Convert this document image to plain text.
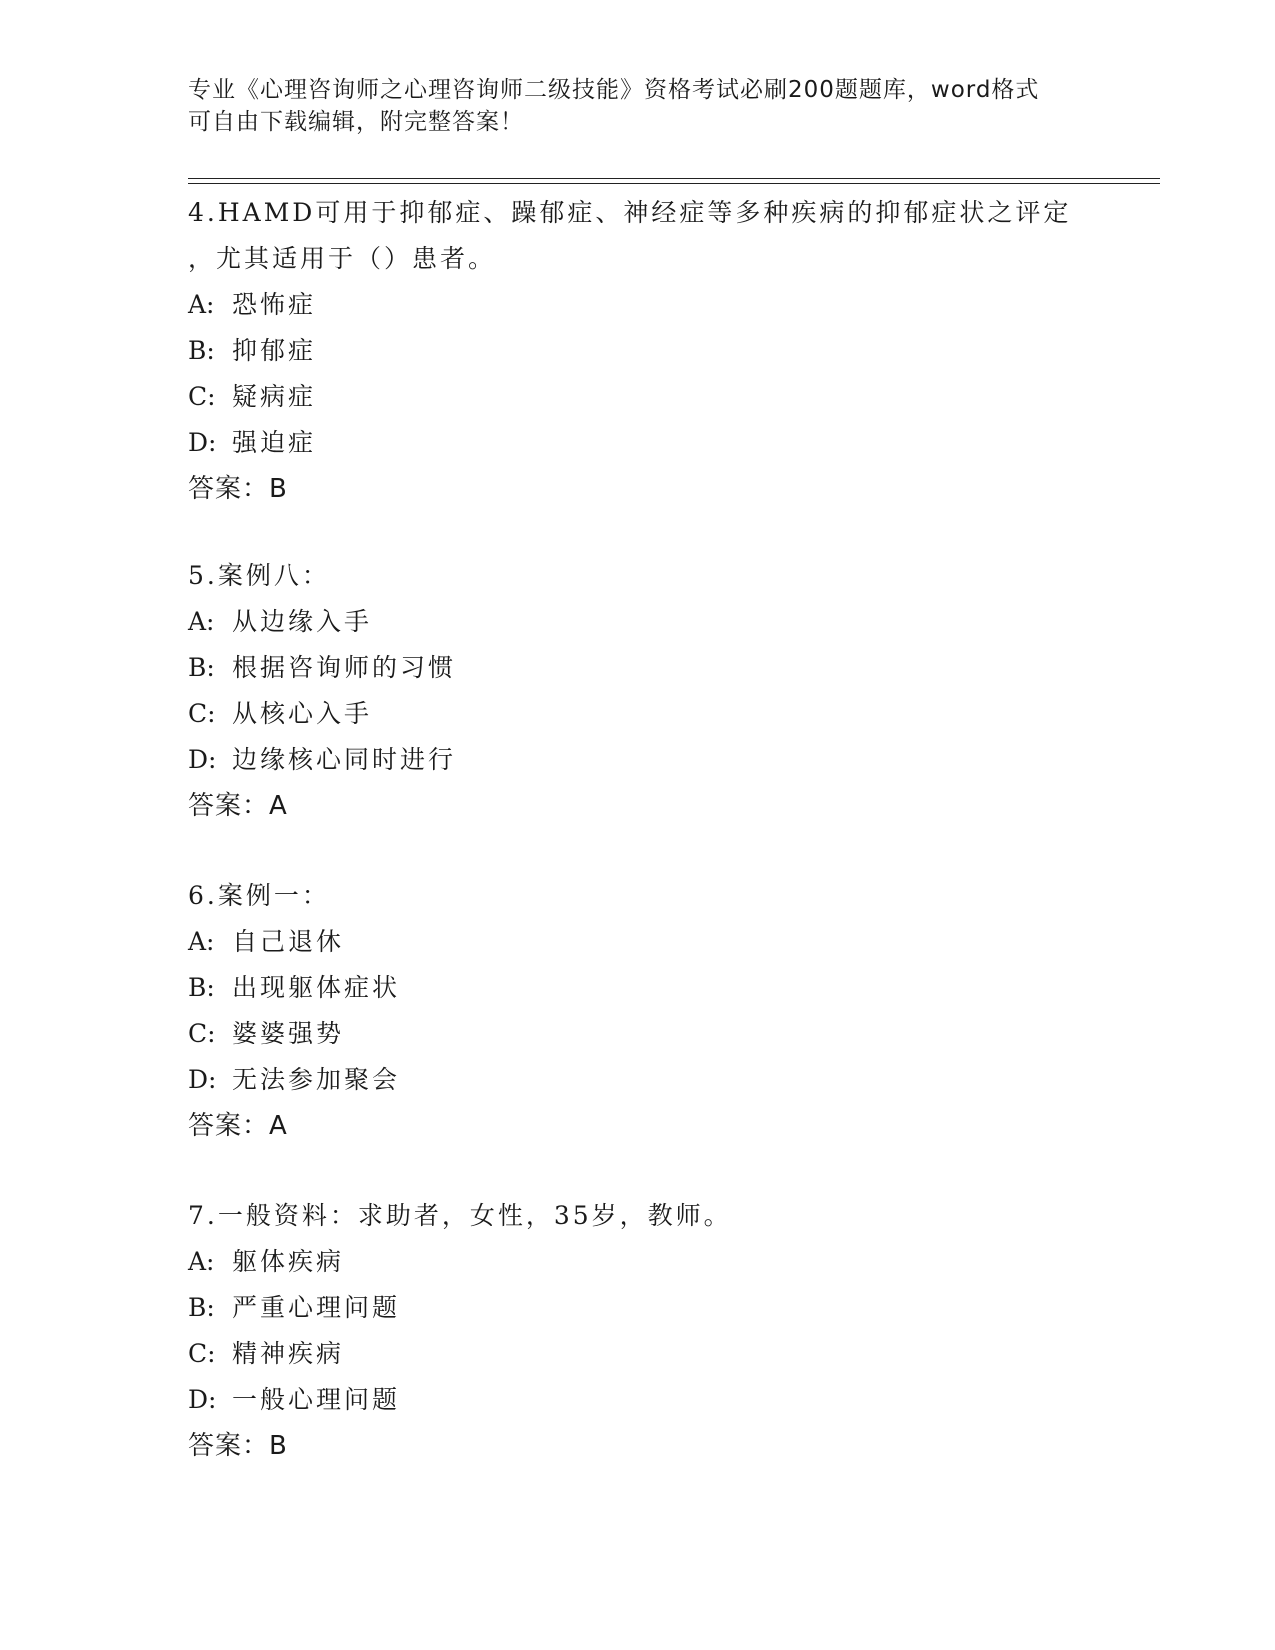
专业《心理咨询师之心理咨询师二级技能》资格考试必刷200题题库，word格式
可自由下载编辑，附完整答案！
4.HAMD可用于抑郁症、躁郁症、神经症等多种疾病的抑郁症状之评定
，尤其适用于（）患者。
A: 恐怖症
B: 抑郁症
C: 疑病症
D: 强迫症
答案：B
5.案例八：
A: 从边缘入手
B: 根据咨询师的习惯
C: 从核心入手
D: 边缘核心同时进行
答案：A
6.案例一：
A: 自己退休
B: 出现躯体症状
C: 婆婆强势
D: 无法参加聚会
答案：A
7.一般资料：求助者，女性，35岁，教师。
A: 躯体疾病
B: 严重心理问题
C: 精神疾病
D: 一般心理问题
答案：B
